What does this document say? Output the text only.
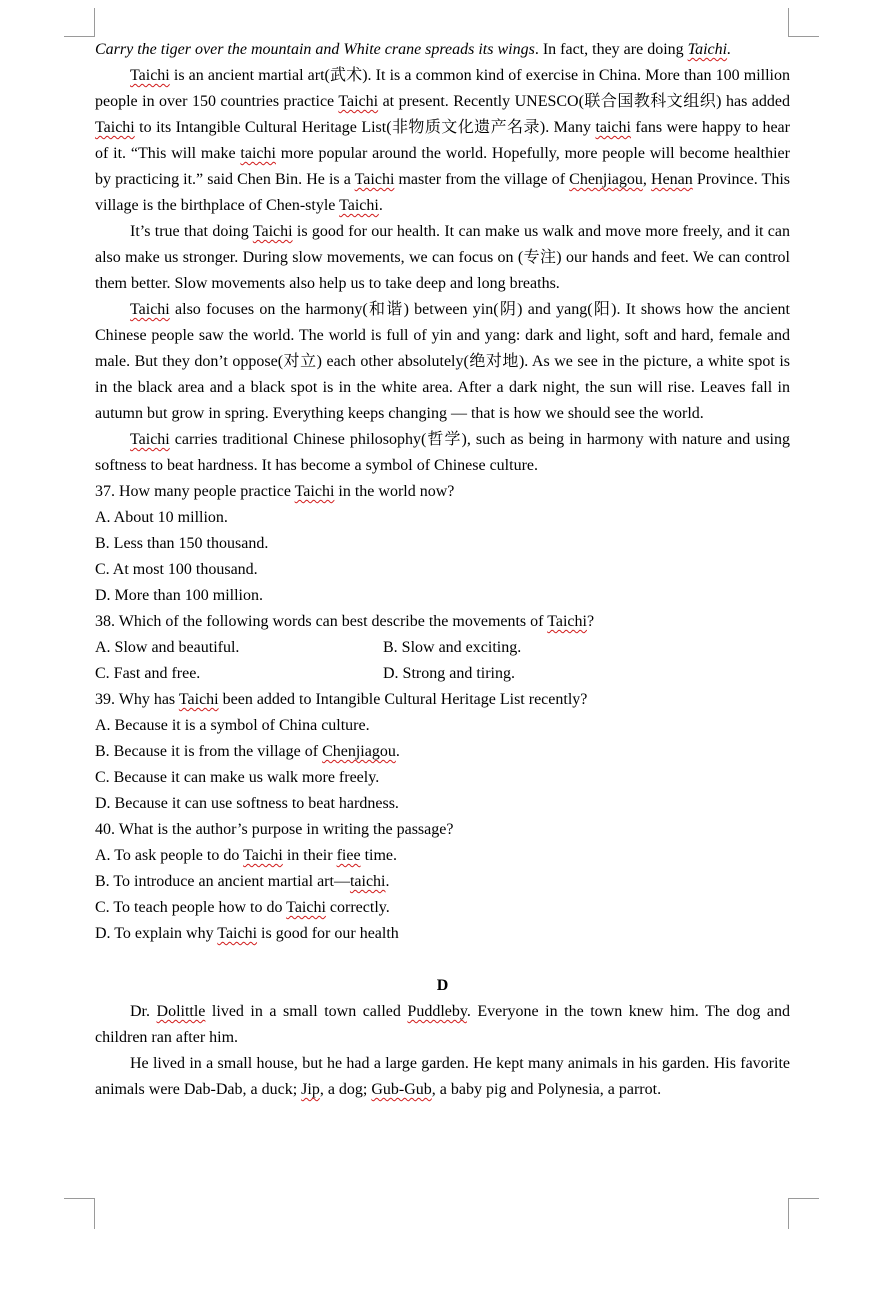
Carry the tiger over the mountain and White crane spreads its wings. In fact, they are doing Taichi.

Taichi is an ancient martial art(武术). It is a common kind of exercise in China. More than 100 million people in over 150 countries practice Taichi at present. Recently UNESCO(联合国教科文组织) has added Taichi to its Intangible Cultural Heritage List(非物质文化遗产名录). Many taichi fans were happy to hear of it. “This will make taichi more popular around the world. Hopefully, more people will become healthier by practicing it.” said Chen Bin. He is a Taichi master from the village of Chenjiagou, Henan Province. This village is the birthplace of Chen-style Taichi.

It’s true that doing Taichi is good for our health. It can make us walk and move more freely, and it can also make us stronger. During slow movements, we can focus on (专注) our hands and feet. We can control them better. Slow movements also help us to take deep and long breaths.

Taichi also focuses on the harmony(和谐) between yin(阴) and yang(阳). It shows how the ancient Chinese people saw the world. The world is full of yin and yang: dark and light, soft and hard, female and male. But they don’t oppose(对立) each other absolutely(绝对地). As we see in the picture, a white spot is in the black area and a black spot is in the white area. After a dark night, the sun will rise. Leaves fall in autumn but grow in spring. Everything keeps changing — that is how we should see the world.

Taichi carries traditional Chinese philosophy(哲学), such as being in harmony with nature and using softness to beat hardness. It has become a symbol of Chinese culture.

37. How many people practice Taichi in the world now?

A. About 10 million.

B. Less than 150 thousand.

C. At most 100 thousand.

D. More than 100 million.

38. Which of the following words can best describe the movements of Taichi?

A. Slow and beautiful.	B. Slow and exciting.
C. Fast and free.	D. Strong and tiring.

39. Why has Taichi been added to Intangible Cultural Heritage List recently?

A. Because it is a symbol of China culture.

B. Because it is from the village of Chenjiagou.

C. Because it can make us walk more freely.

D. Because it can use softness to beat hardness.

40. What is the author’s purpose in writing the passage?

A. To ask people to do Taichi in their fiee time.

B. To introduce an ancient martial art—taichi.

C. To teach people how to do Taichi correctly.

D. To explain why Taichi is good for our health

D

Dr. Dolittle lived in a small town called Puddleby. Everyone in the town knew him. The dog and children ran after him.

He lived in a small house, but he had a large garden. He kept many animals in his garden. His favorite animals were Dab-Dab, a duck; Jip, a dog; Gub-Gub, a baby pig and Polynesia, a parrot.
